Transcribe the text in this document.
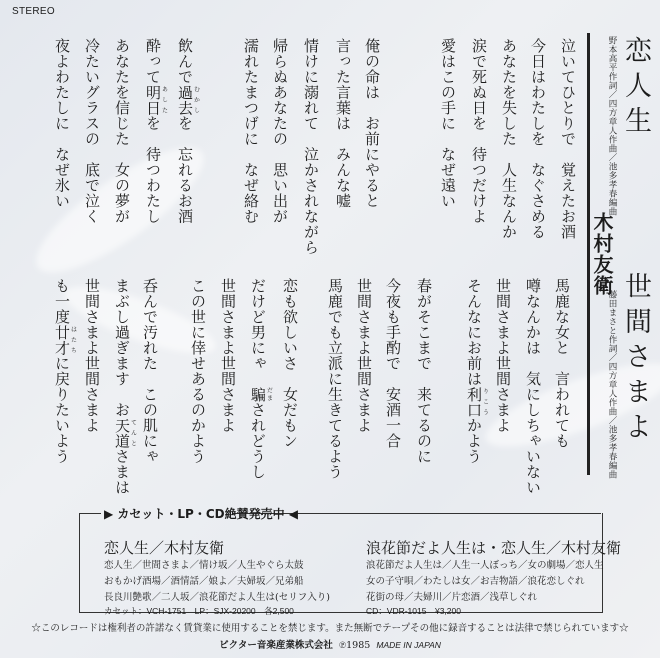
STEREO
恋人生
野本高平作詞／四方章人作曲／池多孝春編曲
木村友衛
世間さまよ
藤田まさと作詞／四方章人作曲／池多孝春編曲
泣いてひとりで　覚えたお酒
今日はわたしを　なぐさめる
あなたを失した　人生なんか
涙で死ぬ日を　待つだけよ
愛はこの手に　なぜ遠い
俺の命は　お前にやると
言った言葉は　みんな嘘
情けに溺れて　泣かされながら
帰らぬあなたの　思い出が
濡れたまつげに　なぜ絡む
飲んで過去むかしを　忘れるお酒
酔って明日あしたを　待つわたし
あなたを信じた　女の夢が
冷たいグラスの　底で泣く
夜よわたしに　なぜ氷い
馬鹿な女と　言われても
噂なんかは　気にしちゃいない
世間さまよ世間さまよ
そんなにお前は利口りこうかよう
春がそこまで　来てるのに
今夜も手酌で　安酒一合
世間さまよ世間さまよ
馬鹿でも立派に生きてるよう
恋も欲しいさ　女だもン
だけど男にゃ　騙だまされどうし
世間さまよ世間さまよ
この世に倖せあるのかよう
呑んで汚れた　この肌にゃ
まぶし過ぎます　お天道てんとさまは
世間さまよ世間さまよ
も一度廿才はたちに戻りたいよう
▶ カセット・LP・CD絶賛発売中 ◀
恋人生／木村友衛
恋人生／世間さまよ／情け坂／人生やぐら太鼓
おもかげ酒場／酒情話／娘よ／夫婦坂／兄弟船
長良川艶歌／二人坂／浪花節だよ人生は(セリフ入り)
カセット：VCH-1751　LP：SJX-20200　各2,500
浪花節だよ人生は・恋人生／木村友衛
浪花節だよ人生は／人生一人ぼっち／女の劇場／恋人生
女の子守唄／わたしは女／お吉物語／浪花恋しぐれ
花街の母／夫婦川／片恋酒／浅草しぐれ
CD：VDR-1015　¥3,200
☆このレコードは権利者の許諾なく賃貸業に使用することを禁じます。また無断でテープその他に録音することは法律で禁じられています☆
ビクター音楽産業株式会社 ℗1985 MADE IN JAPAN
